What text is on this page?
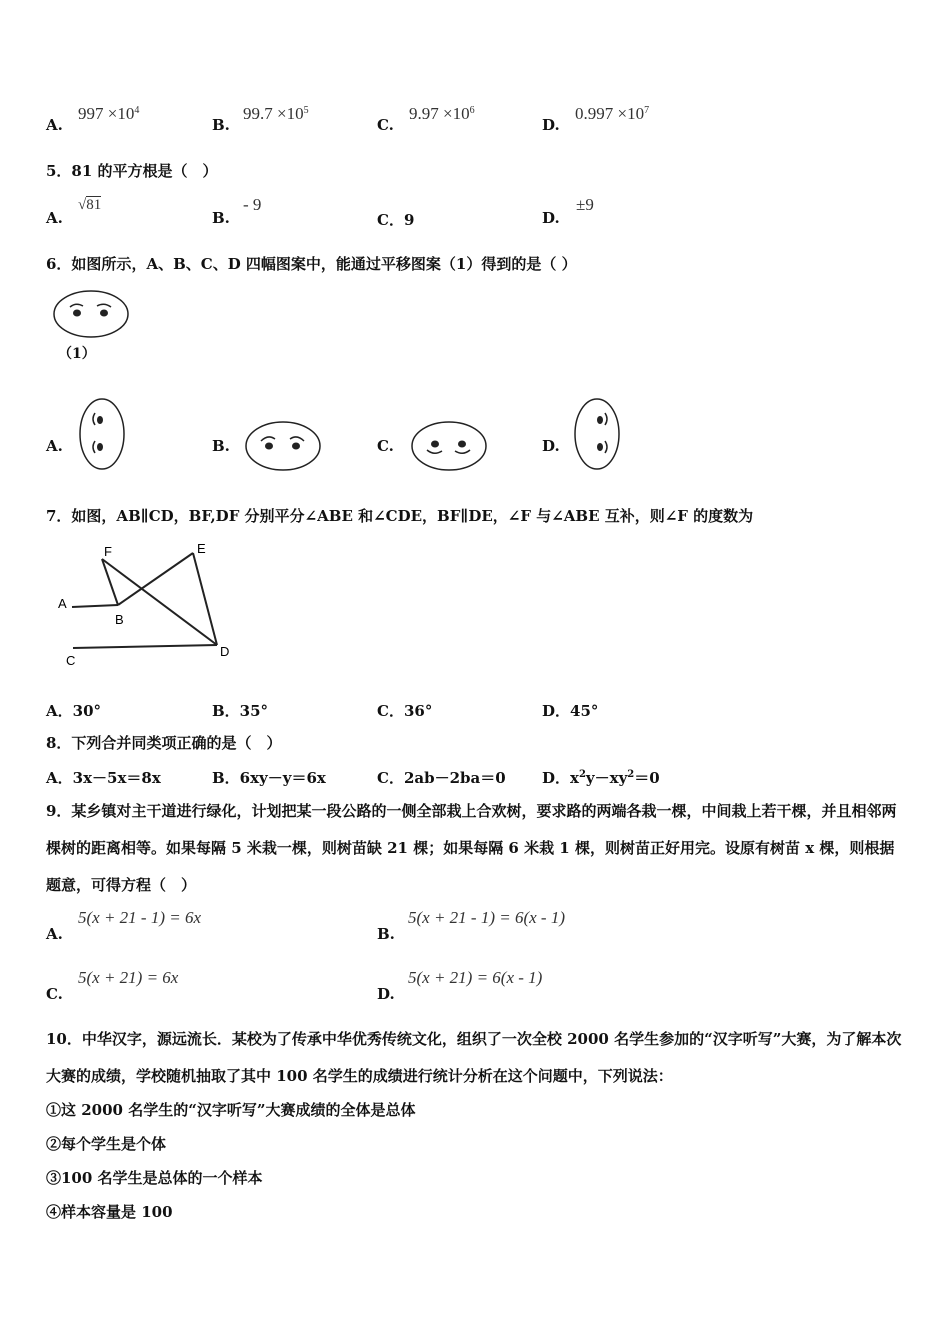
A.
$997 \times 10^4$
B.
$99.7 \times 10^5$
C.
$9.97 \times 10^6$
D.
$0.997 \times 10^7$
5．81 的平方根是（　）
A.
√81
B.
- 9
C．9	D.
±9
6．如图所示，A、B、C、D 四幅图案中，能通过平移图案（1）得到的是（ ）
（1）
A.	B.	C.	D.
7．如图，AB∥CD，BF,DF 分别平分∠ABE 和∠CDE，BF∥DE，∠F 与∠ABE 互补，则∠F 的度数为
F	E
A
B
C
D
A．30°	B．35°	C．36°	D．45°
8．下列合并同类项正确的是（　）
A．3x－5x＝8x	B．6xy－y＝6x	C．2ab－2ba＝0 D．$x^2y-xy^2=0$
9．某乡镇对主干道进行绿化，计划把某一段公路的一侧全部栽上合欢树，要求路的两端各栽一棵，中间栽上若干棵，并且相邻两棵树的距离相等。如果每隔 5 米栽一棵，则树苗缺 21 棵；如果每隔 6 米栽 1 棵，则树苗正好用完。设原有树苗 x 棵，则根据题意，可得方程（　）
A.
5(x + 21 - 1) = 6x
B.
5(x + 21 - 1) = 6(x - 1)
C.
5(x + 21) = 6x
D.
5(x + 21) = 6(x - 1)
10．中华汉字，源远流长．某校为了传承中华优秀传统文化，组织了一次全校 2000 名学生参加的“汉字听写”大赛，为了解本次大赛的成绩，学校随机抽取了其中 100 名学生的成绩进行统计分析在这个问题中，下列说法：
①这 2000 名学生的“汉字听写”大赛成绩的全体是总体
②每个学生是个体
③100 名学生是总体的一个样本
④样本容量是 100
